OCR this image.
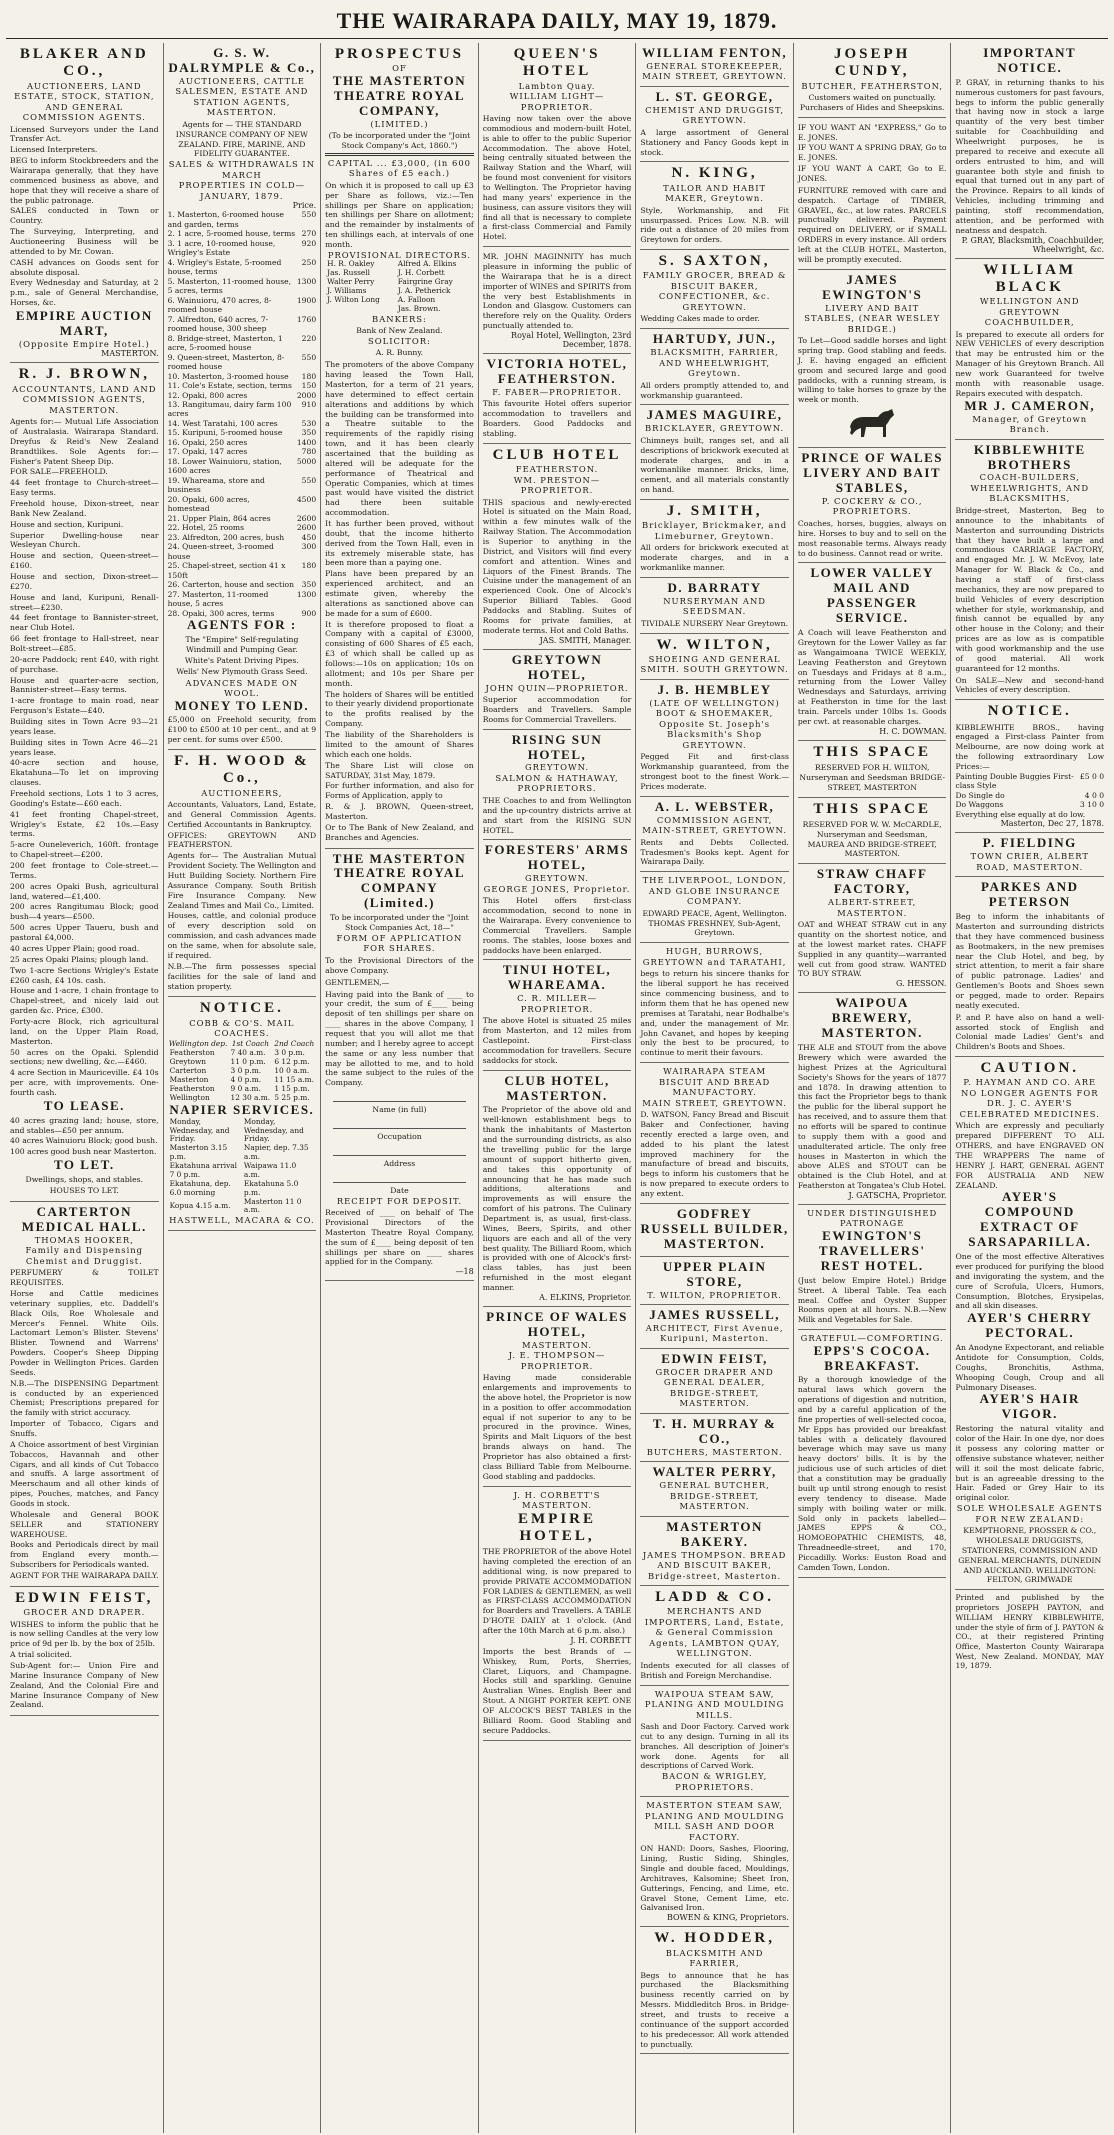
THE WAIRARAPA DAILY, MAY 19, 1879.
BLAKER AND CO.,
AUCTIONEERS, LAND ESTATE, STOCK, STATION, AND GENERAL COMMISSION AGENTS.

Licensed Surveyors under the Land Transfer Act.

Licensed Interpreters.

BEG to inform Stockbreeders and the Wairarapa generally, that they have commenced business as above, and hope that they will receive a share of the public patronage.

SALES conducted in Town or Country.

The Surveying, Interpreting, and Auctioneering Business will be attended to by Mr. Cowan.

CASH advances on Goods sent for absolute disposal.

Every Wednesday and Saturday, at 2 p.m., sale of General Merchandise, Horses, &c.

EMPIRE AUCTION MART,
(Opposite Empire Hotel.)
MASTERTON.
R. J. BROWN,
ACCOUNTANTS, LAND AND COMMISSION AGENTS, MASTERTON.

Agents for:— Mutual Life Association of Australasia. Wairarapa Standard. Dreyfus & Reid's New Zealand Brandtlikes. Sole Agents for:— Fisher's Patent Sheep Dip.

FOR SALE—FREEHOLD.

44 feet frontage to Church-street—Easy terms.

Freehold house, Dixon-street, near Bank New Zealand.

House and section, Kuripuni.

Superior Dwelling-house near Wesleyan Church.

House and section, Queen-street—£160.

House and section, Dixon-street—£270.

House and land, Kuripuni, Renall-street—£230.

44 feet frontage to Bannister-street, near Club Hotel.

66 feet frontage to Hall-street, near Bolt-street—£85.

20-acre Paddock; rent £40, with right of purchase.

House and quarter-acre section, Bannister-street—Easy terms.

1-acre frontage to main road, near Ferguson's Estate—£40.

Building sites in Town Acre 93—21 years lease.

Building sites in Town Acre 46—21 years lease.

40-acre section and house, Ekatahuna—To let on improving clauses.

Freehold sections, Lots 1 to 3 acres, Gooding's Estate—£60 each.

41 feet fronting Chapel-street, Wrigley's Estate, £2 10s.—Easy terms.

5-acre Ouneleverich, 160ft. frontage to Chapel-street—£200.

200 feet frontage to Cole-street.—Terms.

200 acres Opaki Bush, agricultural land, watered—£1,400.

200 acres Rangitumau Block; good bush—4 years—£500.

500 acres Upper Taueru, bush and pastoral £4,000.

40 acres Upper Plain; good road.

25 acres Opaki Plains; plough land.

Two 1-acre Sections Wrigley's Estate £260 cash, £4 10s. cash.

House and 1-acre, 1 chain frontage to Chapel-street, and nicely laid out garden &c. Price, £300.

Forty-acre Block, rich agricultural land, on the Upper Plain Road, Masterton.

50 acres on the Opaki. Splendid sections; new dwelling, &c.—£460.

4 acre Section in Mauriceville. £4 10s per acre, with improvements. One-fourth cash.

TO LEASE.

40 acres grazing land; house, store, and stables—£50 per annum.

40 acres Wainuioru Block; good bush.

100 acres good bush near Masterton.

TO LET.

Dwellings, shops, and stables.

HOUSES TO LET.

CARTERTON MEDICAL HALL.
THOMAS HOOKER,
Family and Dispensing Chemist and Druggist.

PERFUMERY & TOILET REQUISITES.

Horse and Cattle medicines veterinary supplies, etc. Daddell's Black Oils, Roe Wholesale and Mercer's Fennel. White Oils. Lactomart Lemon's Blister. Stevens' Blister. Townend and Warrens' Powders. Cooper's Sheep Dipping Powder in Wellington Prices. Garden Seeds.

N.B.—The DISPENSING Department is conducted by an experienced Chemist; Prescriptions prepared for the family with strict accuracy.

Importer of Tobacco, Cigars and Snuffs.

A Choice assortment of best Virginian Tobaccos, Havannah and other Cigars, and all kinds of Cut Tobacco and snuffs. A large assortment of Meerschaum and all other kinds of pipes, Pouches, matches, and Fancy Goods in stock.

Wholesale and General BOOK SELLER and STATIONERY WAREHOUSE.

Books and Periodicals direct by mail from England every month.—Subscribers for Periodicals wanted.

AGENT FOR THE WAIRARAPA DAILY.

EDWIN FEIST,
GROCER AND DRAPER.

WISHES to inform the public that he is now selling Candles at the very low price of 9d per lb. by the box of 25lb.

A trial solicited.

Sub-Agent for:— Union Fire and Marine Insurance Company of New Zealand, And the Colonial Fire and Marine Insurance Company of New Zealand.

G. S. W. DALRYMPLE & Co.,
AUCTIONEERS, CATTLE SALESMEN, ESTATE AND STATION AGENTS, MASTERTON.
Agents for — THE STANDARD INSURANCE COMPANY OF NEW ZEALAND. FIRE, MARINE, AND FIDELITY GUARANTEE.
SALES & WITHDRAWALS IN MARCH
PROPERTIES IN COLD—JANUARY, 1879.
Price.
1. Masterton, 6-roomed house and garden, terms
550
2. 1 acre, 5-roomed house, terms 270
3. 1 acre, 10-roomed house, Wrigley's Estate
920
4. Wrigley's Estate, 5-roomed house, terms
250
5. Masterton, 11-roomed house, 5 acres, terms
1300
6. Wainuioru, 470 acres, 8-roomed house
1900
7. Alfredton, 640 acres, 7-roomed house, 300 sheep
1760
8. Bridge-street, Masterton, 1 acre, 5-roomed house
220
9. Queen-street, Masterton, 8-roomed house
550
10. Masterton, 3-roomed house	180
11. Cole's Estate, section, terms	150
12. Opaki, 800 acres	2000
13. Rangitumau, dairy farm 100 acres
910
14. West Taratahi, 100 acres	530
15. Kuripuni, 5-roomed house	350
16. Opaki, 250 acres	1400
17. Opaki, 147 acres	780
18. Lower Wainuioru, station, 1600 acres
5000
19. Whareama, store and business
550
20. Opaki, 600 acres, homestead
4500
21. Upper Plain, 864 acres	2600
22. Hotel, 25 rooms	2600
23. Alfredton, 200 acres, bush	450
24. Queen-street, 3-roomed house
300
25. Chapel-street, section 41 x 150ft
180
26. Carterton, house and section	350
27. Masterton, 11-roomed house, 5 acres
1300
28. Opaki, 300 acres, terms	900
AGENTS FOR :

The "Empire" Self-regulating Windmill and Pumping Gear.

White's Patent Driving Pipes.

Wells' New Plymouth Grass Seed.

ADVANCES MADE ON WOOL.
MONEY TO LEND.
£5,000 on Freehold security, from £100 to £500 at 10 per cent., and at 9 per cent. for sums over £500.
F. H. WOOD & Co.,
AUCTIONEERS,

Accountants, Valuators, Land, Estate, and General Commission Agents. Certified Accountants in Bankruptcy.

OFFICES: GREYTOWN AND FEATHERSTON.

Agents for— The Australian Mutual Provident Society. The Wellington and Hutt Building Society. Northern Fire Assurance Company. South British Fire Insurance Company. New Zealand Times and Mail Co., Limited.

Houses, cattle, and colonial produce of every description sold on commission, and cash advances made on the same, when for absolute sale, if required.

N.B.—The firm possesses special facilities for the sale of land and station property.

NOTICE.
COBB & CO'S. MAIL COACHES.
Wellington dep.	1st Coach	2nd Coach
Featherston	7 40 a.m.	3 0 p.m.
Greytown	11 0 p.m.	6 12 p.m.
Carterton	3 0 p.m.	10 0 a.m.
Masterton	4 0 p.m.	11 15 a.m.
Featherston	9 0 a.m.	1 15 p.m.
Wellington	12 30 a.m.	5 25 p.m.
NAPIER SERVICES.
Monday, Wednesday, and Friday.	Monday, Wednesday, and Friday.
Masterton 3.15 p.m.	Napier, dep. 7.35 a.m.
Ekatahuna arrival 7 0 p.m.	Waipawa 11.0 a.m.
Ekatahuna, dep. 6.0 morning	Ekatahuna 5.0 p.m.
Kopua 4.15 a.m.	Masterton 11 0 a.m.
HASTWELL, MACARA & CO.
PROSPECTUS
OF
THE MASTERTON THEATRE ROYAL COMPANY,
(LIMITED.)
(To be incorporated under the "Joint Stock Company's Act, 1860.")
CAPITAL ... £3,000, (in 600 Shares of £5 each.)
On which it is proposed to call up £3 per Share as follows, viz.:—Ten shillings per Share on application; ten shillings per Share on allotment; and the remainder by instalments of ten shillings each, at intervals of one month.
PROVISIONAL DIRECTORS.
H. R. Oakley	Alfred A. Elkins
Jas. Russell	J. H. Corbett
Walter Perry	Fairgrine Gray
J. Williams	J. A. Petherick
J. Wilton Long	A. Falloon
	Jas. Brown.
BANKERS:
Bank of New Zealand.
SOLICITOR:
A. R. Bunny.

The promoters of the above Company having leased the Town Hall, Masterton, for a term of 21 years, have determined to effect certain alterations and additions by which the building can be transformed into a Theatre suitable to the requirements of the rapidly rising town, and it has been clearly ascertained that the building as altered will be adequate for the performance of Theatrical and Operatic Companies, which at times past would have visited the district had there been suitable accommodation.

It has further been proved, without doubt, that the income hitherto derived from the Town Hall, even in its extremely miserable state, has been more than a paying one.

Plans have been prepared by an experienced architect, and an estimate given, whereby the alterations as sanctioned above can be made for a sum of £600.

It is therefore proposed to float a Company with a capital of £3000, consisting of 600 Shares of £5 each, £3 of which shall be called up as follows:—10s on application; 10s on allotment; and 10s per Share per month.

The holders of Shares will be entitled to their yearly dividend proportionate to the profits realised by the Company.

The liability of the Shareholders is limited to the amount of Shares which each one holds.

The Share List will close on SATURDAY, 31st May, 1879.

For further information, and also for Forms of Application, apply to

R. & J. BROWN, Queen-street, Masterton.

Or to The Bank of New Zealand, and Branches and Agencies.

THE MASTERTON THEATRE ROYAL COMPANY (Limited.)
To be incorporated under the "Joint Stock Companies Act, 18—"
FORM OF APPLICATION FOR SHARES.
To the Provisional Directors of the above Company.
GENTLEMEN,—
Having paid into the Bank of ____ to your credit, the sum of £____ being deposit of ten shillings per share on ____ shares in the above Company, I request that you will allot me that number; and I hereby agree to accept the same or any less number that may be allotted to me, and to hold the same subject to the rules of the Company.
Name (in full)
Occupation
Address
Date
RECEIPT FOR DEPOSIT.
Received of ____ on behalf of The Provisional Directors of the Masterton Theatre Royal Company, the sum of £____ being deposit of ten shillings per share on ____ shares applied for in the Company.
—18
QUEEN'S HOTEL
Lambton Quay.
WILLIAM LIGHT—PROPRIETOR.
Having now taken over the above commodious and modern-built Hotel, is able to offer to the public Superior Accommodation. The above Hotel, being centrally situated between the Railway Station and the Wharf, will be found most convenient for visitors to Wellington. The Proprietor having had many years' experience in the business, can assure visitors they will find all that is necessary to complete a first-class Commercial and Family Hotel.
MR. JOHN MAGINNITY has much pleasure in informing the public of the Wairarapa that he is a direct importer of WINES and SPIRITS from the very best Establishments in London and Glasgow. Customers can therefore rely on the Quality. Orders punctually attended to.
Royal Hotel, Wellington, 23rd December, 1878.
VICTORIA HOTEL, FEATHERSTON.
F. FABER—PROPRIETOR.
This favourite Hotel offers superior accommodation to travellers and Boarders. Good Paddocks and stabling.
CLUB HOTEL
FEATHERSTON.
WM. PRESTON—PROPRIETOR.
THIS spacious and newly-erected Hotel is situated on the Main Road, within a few minutes walk of the Railway Station. The Accommodation is Superior to anything in the District, and Visitors will find every comfort and attention. Wines and Liquors of the Finest Brands. The Cuisine under the management of an experienced Cook. One of Alcock's Superior Billiard Tables. Good Paddocks and Stabling. Suites of Rooms for private families, at moderate terms. Hot and Cold Baths.
JAS. SMITH, Manager.
GREYTOWN HOTEL,
JOHN QUIN—PROPRIETOR.
Superior accommodation for Boarders and Travellers. Sample Rooms for Commercial Travellers.
RISING SUN HOTEL,
GREYTOWN.
SALMON & HATHAWAY, PROPRIETORS.
THE Coaches to and from Wellington and the up-country districts arrive at and start from the RISING SUN HOTEL.
FORESTERS' ARMS HOTEL,
GREYTOWN.
GEORGE JONES, Proprietor.
This Hotel offers first-class accommodation, second to none in the Wairarapa. Every convenience to Commercial Travellers. Sample rooms. The stables, loose boxes and paddocks have been enlarged.
TINUI HOTEL, WHAREAMA.
C. R. MILLER—PROPRIETOR.
The above Hotel is situated 25 miles from Masterton, and 12 miles from Castlepoint. First-class accommodation for travellers. Secure saddocks for stock.
CLUB HOTEL, MASTERTON.
The Proprietor of the above old and well-known establishment begs to thank the inhabitants of Masterton and the surrounding districts, as also the travelling public for the large amount of support hitherto given, and takes this opportunity of announcing that he has made such additions, alterations and improvements as will ensure the comfort of his patrons. The Culinary Department is, as usual, first-class. Wines, Beers, Spirits, and other liquors are each and all of the very best quality. The Billiard Room, which is provided with one of Alcock's first-class tables, has just been refurnished in the most elegant manner.
A. ELKINS, Proprietor.
PRINCE OF WALES HOTEL,
MASTERTON.
J. E. THOMPSON—PROPRIETOR.
Having made considerable enlargements and improvements to the above hotel, the Proprietor is now in a position to offer accommodation equal if not superior to any to be procured in the province. Wines, Spirits and Malt Liquors of the best brands always on hand. The Proprietor has also obtained a first-class Billiard Table from Melbourne. Good stabling and paddocks.
J. H. CORBETT'S MASTERTON.
EMPIRE HOTEL,
THE PROPRIETOR of the above Hotel having completed the erection of an additional wing, is now prepared to provide PRIVATE ACCOMMODATION FOR LADIES & GENTLEMEN, as well as FIRST-CLASS ACCOMMODATION for Boarders and Travellers. A TABLE D'HOTE DAILY at 1 o'clock. (And after the 10th March at 6 p.m. also.)
J. H. CORBETT
Imports the best Brands of — Whiskey, Rum, Ports, Sherries, Claret, Liquors, and Champagne. Hocks still and sparkling. Genuine Australian Wines. English Beer and Stout. A NIGHT PORTER KEPT. ONE OF ALCOCK'S BEST TABLES in the Billiard Room. Good Stabling and secure Paddocks.
WILLIAM FENTON,
GENERAL STOREKEEPER, MAIN STREET, GREYTOWN.
L. ST. GEORGE,
CHEMIST AND DRUGGIST, GREYTOWN.
A large assortment of General Stationery and Fancy Goods kept in stock.
N. KING,
TAILOR AND HABIT MAKER, Greytown.
Style, Workmanship, and Fit unsurpassed. Prices Low. N.B. will ride out a distance of 20 miles from Greytown for orders.
S. SAXTON,
FAMILY GROCER, BREAD & BISCUIT BAKER, CONFECTIONER, &c. GREYTOWN.
Wedding Cakes made to order.
HARTUDY, JUN.,
BLACKSMITH, FARRIER, AND WHEELWRIGHT, Greytown.
All orders promptly attended to, and workmanship guaranteed.
JAMES MAGUIRE,
BRICKLAYER, GREYTOWN.
Chimneys built, ranges set, and all descriptions of brickwork executed at moderate charges, and in a workmanlike manner. Bricks, lime, cement, and all materials constantly on hand.
J. SMITH,
Bricklayer, Brickmaker, and Limeburner, Greytown.
All orders for brickwork executed at moderate charges, and in a workmanlike manner.
D. BARRATY
NURSERYMAN AND SEEDSMAN.
TIVIDALE NURSERY Near Greytown.
W. WILTON,
SHOEING AND GENERAL SMITH. SOUTH GREYTOWN.
J. B. HEMBLEY
(LATE OF WELLINGTON) BOOT & SHOEMAKER, Opposite St. Joseph's Blacksmith's Shop GREYTOWN.
Pegged Fit and first-class Workmanship guaranteed, from the strongest boot to the finest Work.—Prices moderate.
A. L. WEBSTER,
COMMISSION AGENT, MAIN-STREET, GREYTOWN.
Rents and Debts Collected. Tradesmen's Books kept. Agent for Wairarapa Daily.
THE LIVERPOOL, LONDON, AND GLOBE INSURANCE COMPANY.
EDWARD PEACE, Agent, Wellington. THOMAS FRESHNEY, Sub-Agent, Greytown.
HUGH, BURROWS, GREYTOWN and TARATAHI,
begs to return his sincere thanks for the liberal support he has received since commencing business, and to inform them that he has opened new premises at Taratahi, near Bodhalbe's and, under the management of Mr. John Cavanet, and hopes by keeping only the best to be procured, to continue to merit their favours.
WAIRARAPA STEAM BISCUIT AND BREAD MANUFACTORY.
MAIN STREET, GREYTOWN.
D. WATSON, Fancy Bread and Biscuit Baker and Confectioner, having recently erected a large oven, and added to his plant the latest improved machinery for the manufacture of bread and biscuits, begs to inform his customers that he is now prepared to execute orders to any extent.
GODFREY RUSSELL BUILDER, MASTERTON.
UPPER PLAIN STORE,
T. WILTON, PROPRIETOR.
JAMES RUSSELL,
ARCHITECT, First Avenue, Kuripuni, Masterton.
EDWIN FEIST,
GROCER DRAPER AND GENERAL DEALER, BRIDGE-STREET, MASTERTON.
T. H. MURRAY & CO.,
BUTCHERS, MASTERTON.
WALTER PERRY,
GENERAL BUTCHER, BRIDGE-STREET, MASTERTON.
MASTERTON BAKERY.
JAMES THOMPSON. BREAD AND BISCUIT BAKER, Bridge-street, Masterton.
LADD & CO.
MERCHANTS AND IMPORTERS, Land, Estate, & General Commission Agents, LAMBTON QUAY, WELLINGTON.
Indents executed for all classes of British and Foreign Merchandise.
WAIPOUA STEAM SAW, PLANING AND MOULDING MILLS.
Sash and Door Factory. Carved work cut to any design. Turning in all its branches. All description of Joiner's work done. Agents for all descriptions of Carved Work.
BACON & WRIGLEY, PROPRIETORS.
MASTERTON STEAM SAW, PLANING AND MOULDING MILL SASH AND DOOR FACTORY.
ON HAND: Doors, Sashes, Flooring, Lining, Rustic Siding, Shingles, Single and double faced, Mouldings, Architraves, Kalsomine; Sheet Iron, Gutterings, Fencing, and Lime, etc. Gravel Stone, Cement Lime, etc. Galvanised Iron.
BOWEN & KING, Proprietors.
W. HODDER,
BLACKSMITH AND FARRIER,
Begs to announce that he has purchased the Blacksmithing business recently carried on by Messrs. Middleditch Bros. in Bridge-street, and trusts to receive a continuance of the support accorded to his predecessor. All work attended to punctually.
JOSEPH CUNDY,
BUTCHER, FEATHERSTON,
Customers waited on punctually. Purchasers of Hides and Sheepskins.

IF YOU WANT AN "EXPRESS," Go to E. JONES.

IF YOU WANT A SPRING DRAY, Go to E. JONES.

IF YOU WANT A CART, Go to E. JONES.

FURNITURE removed with care and despatch. Cartage of TIMBER, GRAVEL, &c., at low rates. PARCELS punctually delivered. Payment required on DELIVERY, or if SMALL ORDERS in every instance. All orders left at the CLUB HOTEL, Masterton, will be promptly executed.
JAMES EWINGTON'S
LIVERY AND BAIT STABLES, (NEAR WESLEY BRIDGE.)
To Let—Good saddle horses and light spring trap. Good stabling and feeds. J. E. having engaged an efficient groom and secured large and good paddocks, with a running stream, is willing to take horses to graze by the week or month.
PRINCE OF WALES LIVERY AND BAIT STABLES,
P. COCKERY & CO., PROPRIETORS.
Coaches, horses, buggies, always on hire. Horses to buy and to sell on the most reasonable terms. Always ready to do business. Cannot read or write.
LOWER VALLEY MAIL AND PASSENGER SERVICE.
A Coach will leave Featherston and Greytown for the Lower Valley as far as Wangaimoana TWICE WEEKLY, Leaving Featherston and Greytown on Tuesdays and Fridays at 8 a.m., returning from the Lower Valley Wednesdays and Saturdays, arriving at Featherston in time for the last train. Parcels under 10lbs 1s. Goods per cwt. at reasonable charges.
H. C. DOWMAN.
THIS SPACE
RESERVED FOR H. WILTON, Nurseryman and Seedsman BRIDGE-STREET, MASTERTON
THIS SPACE
RESERVED FOR W. W. McCARDLE, Nurseryman and Seedsman, MAUREA AND BRIDGE-STREET, MASTERTON.
STRAW CHAFF FACTORY,
ALBERT-STREET, MASTERTON.
OAT and WHEAT STRAW cut in any quantity on the shortest notice, and at the lowest market rates. CHAFF Supplied in any quantity—warranted well cut from good straw. WANTED TO BUY STRAW.
G. HESSON.
WAIPOUA BREWERY, MASTERTON.
THE ALE and STOUT from the above Brewery which were awarded the highest Prizes at the Agricultural Society's Shows for the years of 1877 and 1878. In drawing attention to this fact the Proprietor begs to thank the public for the liberal support he has received, and to assure them that no efforts will be spared to continue to supply them with a good and unadulterated article. The only free houses in Masterton in which the above ALES and STOUT can be obtained is the Club Hotel, and at Featherston at Tongatea's Club Hotel.
J. GATSCHA, Proprietor.
UNDER DISTINGUISHED PATRONAGE
EWINGTON'S TRAVELLERS' REST HOTEL.
(Just below Empire Hotel.) Bridge Street. A liberal Table. Tea each meal. Coffee and Oyster Supper Rooms open at all hours. N.B.—New Milk and Vegetables for Sale.
GRATEFUL—COMFORTING.
EPPS'S COCOA. BREAKFAST.
By a thorough knowledge of the natural laws which govern the operations of digestion and nutrition, and by a careful application of the fine properties of well-selected cocoa, Mr Epps has provided our breakfast tables with a delicately flavoured beverage which may save us many heavy doctors' bills. It is by the judicious use of such articles of diet that a constitution may be gradually built up until strong enough to resist every tendency to disease. Made simply with boiling water or milk. Sold only in packets labelled— JAMES EPPS & CO., HOMOEOPATHIC CHEMISTS, 48, Threadneedle-street, and 170, Piccadilly. Works: Euston Road and Camden Town, London.
IMPORTANT NOTICE.
P. GRAY, in returning thanks to his numerous customers for past favours, begs to inform the public generally that having now in stock a large quantity of the very best timber suitable for Coachbuilding and Wheelwright purposes, he is prepared to receive and execute all orders entrusted to him, and will guarantee both style and finish to equal that turned out in any part of the Province. Repairs to all kinds of Vehicles, including trimming and painting, stoff recommendation, attention, and be performed with neatness and despatch.
P. GRAY, Blacksmith, Coachbuilder, Wheelwright, &c.
WILLIAM BLACK
WELLINGTON AND GREYTOWN COACHBUILDER,
Is prepared to execute all orders for NEW VEHICLES of every description that may be entrusted him or the Manager of his Greytown Branch. All new work Guaranteed for twelve month with reasonable usage. Repairs executed with despatch.
MR J. CAMERON,
Manager, of Greytown Branch.
KIBBLEWHITE BROTHERS
COACH-BUILDERS, WHEELWRIGHTS, AND BLACKSMITHS,
Bridge-street, Masterton, Beg to announce to the inhabitants of Masterton and surrounding Districts that they have built a large and commodious CARRIAGE FACTORY, and engaged Mr. J. W. McEvoy, late Manager for W. Black & Co., and having a staff of first-class mechanics, they are now prepared to build Vehicles of every description whether for style, workmanship, and finish cannot be equalled by any other house in the Colony; and their prices are as low as is compatible with good workmanship and the use of good material. All work guaranteed for 12 months.
On SALE—New and second-hand Vehicles of every description.
NOTICE.
KIBBLEWHITE BROS., having engaged a First-class Painter from Melbourne, are now doing work at the following extraordinary Low Prices:—
Painting Double Buggies First-class Style
£5 0 0
Do Single do	4 0 0
Do Waggons	3 10 0
Everything else equally at do low.
Masterton, Dec 27, 1878.
P. FIELDING
TOWN CRIER, ALBERT ROAD, MASTERTON.
PARKES AND PETERSON
Beg to inform the inhabitants of Masterton and surrounding districts that they have commenced business as Bootmakers, in the new premises near the Club Hotel, and beg, by strict attention, to merit a fair share of public patronage. Ladies' and Gentlemen's Boots and Shoes sewn or pegged, made to order. Repairs neatly executed.
P. and P. have also on hand a well-assorted stock of English and Colonial made Ladies' Gent's and Children's Boots and Shoes.
CAUTION.
P. HAYMAN AND CO. ARE NO LONGER AGENTS FOR DR. J. C. AYER'S CELEBRATED MEDICINES.
Which are expressly and peculiarly prepared DIFFERENT TO ALL OTHERS, and have ENGRAVED ON THE WRAPPERS The name of HENRY J. HART, GENERAL AGENT FOR AUSTRALIA AND NEW ZEALAND.
AYER'S COMPOUND EXTRACT OF SARSAPARILLA.
One of the most effective Alteratives ever produced for purifying the blood and invigorating the system, and the cure of Scrofula, Ulcers, Humors, Consumption, Blotches, Erysipelas, and all skin diseases.
AYER'S CHERRY PECTORAL.
An Anodyne Expectorant, and reliable Antidote for Consumption, Colds, Coughs, Bronchitis, Asthma, Whooping Cough, Croup and all Pulmonary Diseases.
AYER'S HAIR VIGOR.
Restoring the natural vitality and color of the Hair. In one dye, nor does it possess any coloring matter or offensive substance whatever, neither will it soil the most delicate fabric, but is an agreeable dressing to the Hair. Faded or Grey Hair to its original color.
SOLE WHOLESALE AGENTS FOR NEW ZEALAND:
KEMPTHORNE, PROSSER & CO., WHOLESALE DRUGGISTS, STATIONERS, COMMISSION AND GENERAL MERCHANTS, DUNEDIN AND AUCKLAND. WELLINGTON: FELTON, GRIMWADE
Printed and published by the proprietors JOSEPH PAYTON, and WILLIAM HENRY KIBBLEWHITE, under the style of firm of J. PAYTON & CO., at their registered Printing Office, Masterton County Wairarapa West, New Zealand. MONDAY, MAY 19, 1879.
